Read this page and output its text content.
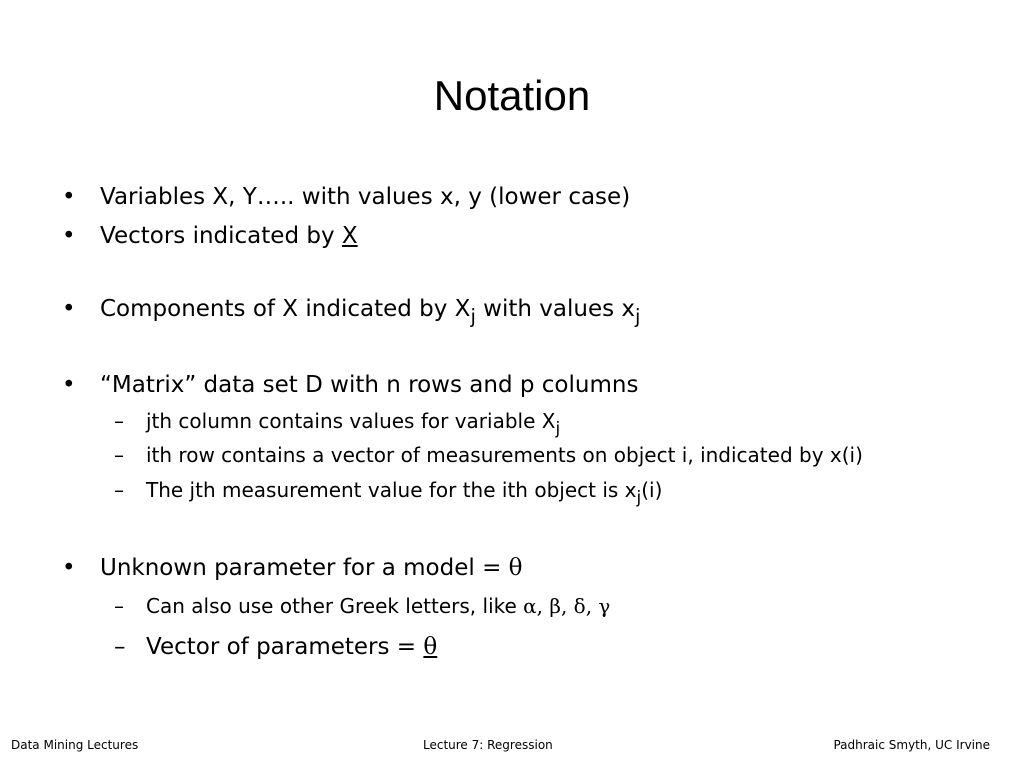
Notation
• Variables X, Y….. with values x, y (lower case)
• Vectors indicated by X
• Components of X indicated by $X_j$ with values $x_j$
• “Matrix” data set D with n rows and p columns
– jth column contains values for variable $X_j$
– ith row contains a vector of measurements on object i, indicated by x(i)
– The jth measurement value for the ith object is $x_j(i)$
• Unknown parameter for a model = θ
– Can also use other Greek letters, like α, β, δ, γ
– Vector of parameters = θ
Data Mining Lectures	Lecture 7: Regression	Padhraic Smyth, UC Irvine
